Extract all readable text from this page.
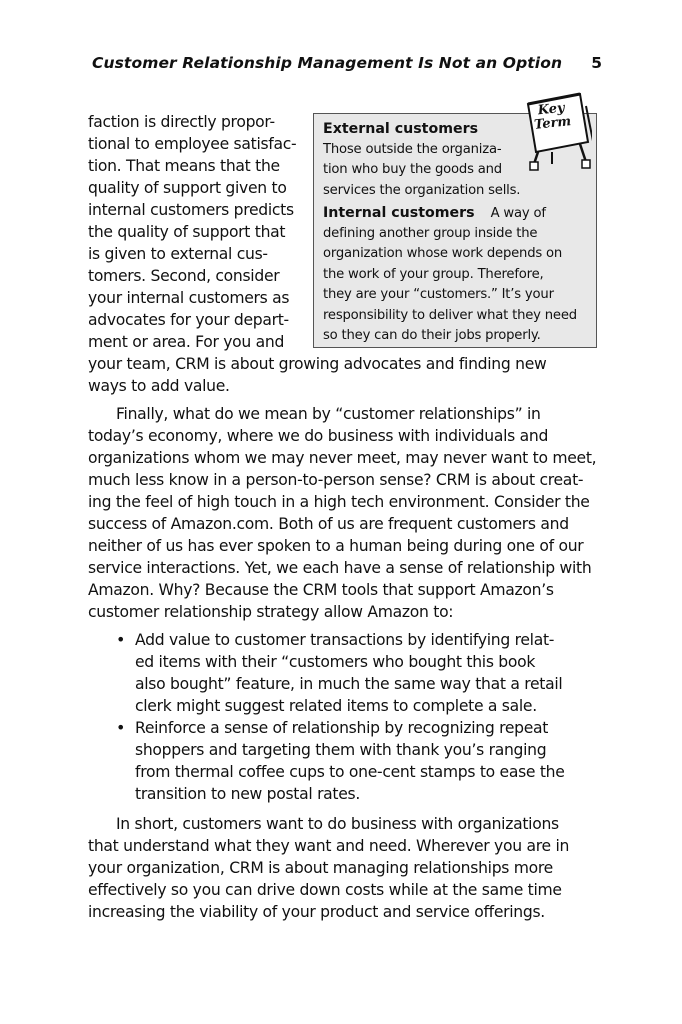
Customer Relationship Management Is Not an Option 5
Key
Term
External customers
Those outside the organiza-
tion who buy the goods and
services the organization sells.
Internal customers A way of
defining another group inside the
organization whose work depends on
the work of your group. Therefore,
they are your “customers.” It’s your
responsibility to deliver what they need
so they can do their jobs properly.
faction is directly propor-
tional to employee satisfac-
tion. That means that the
quality of support given to
internal customers predicts
the quality of support that
is given to external cus-
tomers. Second, consider
your internal customers as
advocates for your depart-
ment or area. For you and
your team, CRM is about growing advocates and finding new
ways to add value.
Finally, what do we mean by “customer relationships” in
today’s economy, where we do business with individuals and
organizations whom we may never meet, may never want to meet,
much less know in a person-to-person sense? CRM is about creat-
ing the feel of high touch in a high tech environment. Consider the
success of Amazon.com. Both of us are frequent customers and
neither of us has ever spoken to a human being during one of our
service interactions. Yet, we each have a sense of relationship with
Amazon. Why? Because the CRM tools that support Amazon’s
customer relationship strategy allow Amazon to:
• Add value to customer transactions by identifying relat-
ed items with their “customers who bought this book
also bought” feature, in much the same way that a retail
clerk might suggest related items to complete a sale.
• Reinforce a sense of relationship by recognizing repeat
shoppers and targeting them with thank you’s ranging
from thermal coffee cups to one-cent stamps to ease the
transition to new postal rates.
In short, customers want to do business with organizations
that understand what they want and need. Wherever you are in
your organization, CRM is about managing relationships more
effectively so you can drive down costs while at the same time
increasing the viability of your product and service offerings.
